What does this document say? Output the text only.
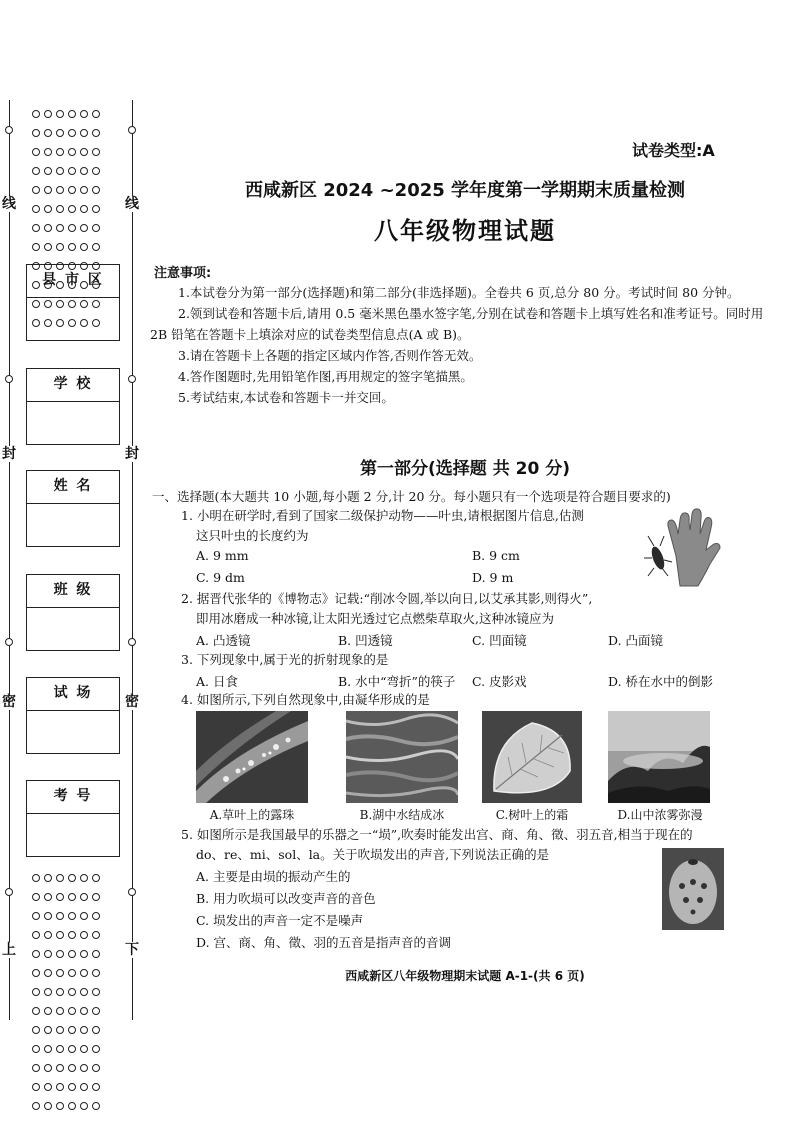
线	线
封	封
密	密
上	下

县 市 区
学 校
姓 名
班 级
试 场
考 号
试卷类型:A
西咸新区 2024 ~2025 学年度第一学期期末质量检测
八年级物理试题
注意事项:

1.本试卷分为第一部分(选择题)和第二部分(非选择题)。全卷共 6 页,总分 80 分。考试时间 80 分钟。

2.领到试卷和答题卡后,请用 0.5 毫米黑色墨水签字笔,分别在试卷和答题卡上填写姓名和准考证号。同时用 2B 铅笔在答题卡上填涂对应的试卷类型信息点(A 或 B)。

3.请在答题卡上各题的指定区域内作答,否则作答无效。

4.答作图题时,先用铅笔作图,再用规定的签字笔描黑。

5.考试结束,本试卷和答题卡一并交回。

第一部分(选择题 共 20 分)
一、选择题(本大题共 10 小题,每小题 2 分,计 20 分。每小题只有一个选项是符合题目要求的)
1. 小明在研学时,看到了国家二级保护动物——叶虫,请根据图片信息,估测
这只叶虫的长度约为
A. 9 mm	B. 9 cm
C. 9 dm	D. 9 m
2. 据晋代张华的《博物志》记载:“削冰令圆,举以向日,以艾承其影,则得火”,
即用冰磨成一种冰镜,让太阳光透过它点燃柴草取火,这种冰镜应为
A. 凸透镜	B. 凹透镜	C. 凹面镜	D. 凸面镜
3. 下列现象中,属于光的折射现象的是
A. 日食	B. 水中“弯折”的筷子 C. 皮影戏	D. 桥在水中的倒影
4. 如图所示,下列自然现象中,由凝华形成的是
A.草叶上的露珠	B.湖中水结成冰	C.树叶上的霜	D.山中浓雾弥漫
5. 如图所示是我国最早的乐器之一“埙”,吹奏时能发出宫、商、角、徵、羽五音,相当于现在的
do、re、mi、sol、la。关于吹埙发出的声音,下列说法正确的是
A. 主要是由埙的振动产生的
B. 用力吹埙可以改变声音的音色
C. 埙发出的声音一定不是噪声
D. 宫、商、角、徵、羽的五音是指声音的音调
西咸新区八年级物理期末试题 A-1-(共 6 页)
